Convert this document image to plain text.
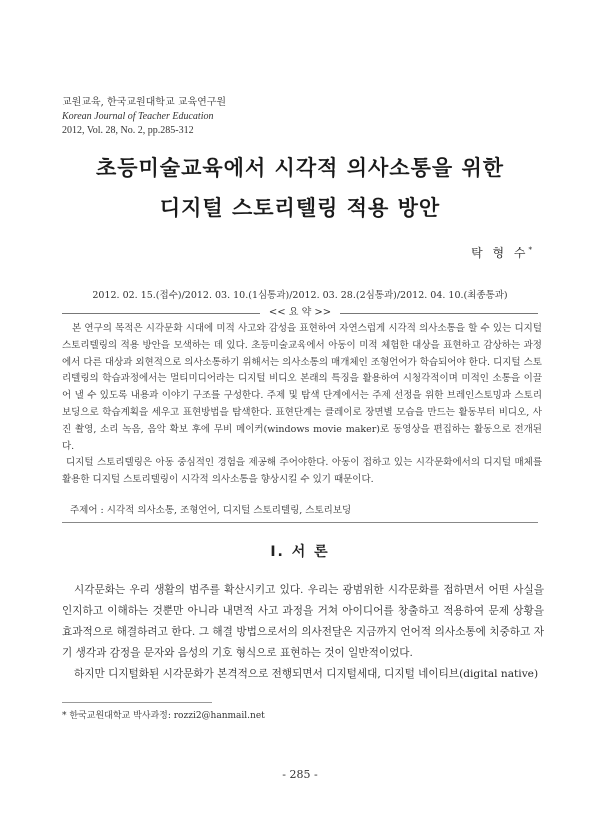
교원교육, 한국교원대학교 교육연구원
Korean Journal of Teacher Education
2012, Vol. 28, No. 2, pp.285-312
초등미술교육에서 시각적 의사소통을 위한
디지털 스토리텔링 적용 방안
탁 형 수*
2012. 02. 15.(접수)/2012. 03. 10.(1심통과)/2012. 03. 28.(2심통과)/2012. 04. 10.(최종통과)
<< 요 약 >>

본 연구의 목적은 시각문화 시대에 미적 사고와 감성을 표현하여 자연스럽게 시각적 의사소통을 할 수 있는 디지털 스토리텔링의 적용 방안을 모색하는 데 있다. 초등미술교육에서 아동이 미적 체험한 대상을 표현하고 감상하는 과정에서 다른 대상과 외현적으로 의사소통하기 위해서는 의사소통의 매개체인 조형언어가 학습되어야 한다. 디지털 스토리텔링의 학습과정에서는 멀티미디어라는 디지털 비디오 본래의 특징을 활용하여 시청각적이며 미적인 소통을 이끌어 낼 수 있도록 내용과 이야기 구조를 구성한다. 주제 및 탐색 단계에서는 주제 선정을 위한 브레인스토밍과 스토리보딩으로 학습계획을 세우고 표현방법을 탐색한다. 표현단계는 클레이로 장면별 모습을 만드는 활동부터 비디오, 사진 촬영, 소리 녹음, 음악 확보 후에 무비 메이커(windows movie maker)로 동영상을 편집하는 활동으로 전개된다.

디지털 스토리텔링은 아동 중심적인 경험을 제공해 주어야한다. 아동이 접하고 있는 시각문화에서의 디지털 매체를 활용한 디지털 스토리텔링이 시각적 의사소통을 향상시킬 수 있기 때문이다.

주제어 : 시각적 의사소통, 조형언어, 디지털 스토리텔링, 스토리보딩
Ⅰ. 서 론

시각문화는 우리 생활의 범주를 확산시키고 있다. 우리는 광범위한 시각문화를 접하면서 어떤 사실을 인지하고 이해하는 것뿐만 아니라 내면적 사고 과정을 거쳐 아이디어를 창출하고 적용하여 문제 상황을 효과적으로 해결하려고 한다. 그 해결 방법으로서의 의사전달은 지금까지 언어적 의사소통에 치중하고 자기 생각과 감정을 문자와 음성의 기호 형식으로 표현하는 것이 일반적이었다.

하지만 디지털화된 시각문화가 본격적으로 전행되면서 디지털세대, 디지털 네이티브(digital native)

* 한국교원대학교 박사과정: rozzi2@hanmail.net
- 285 -
